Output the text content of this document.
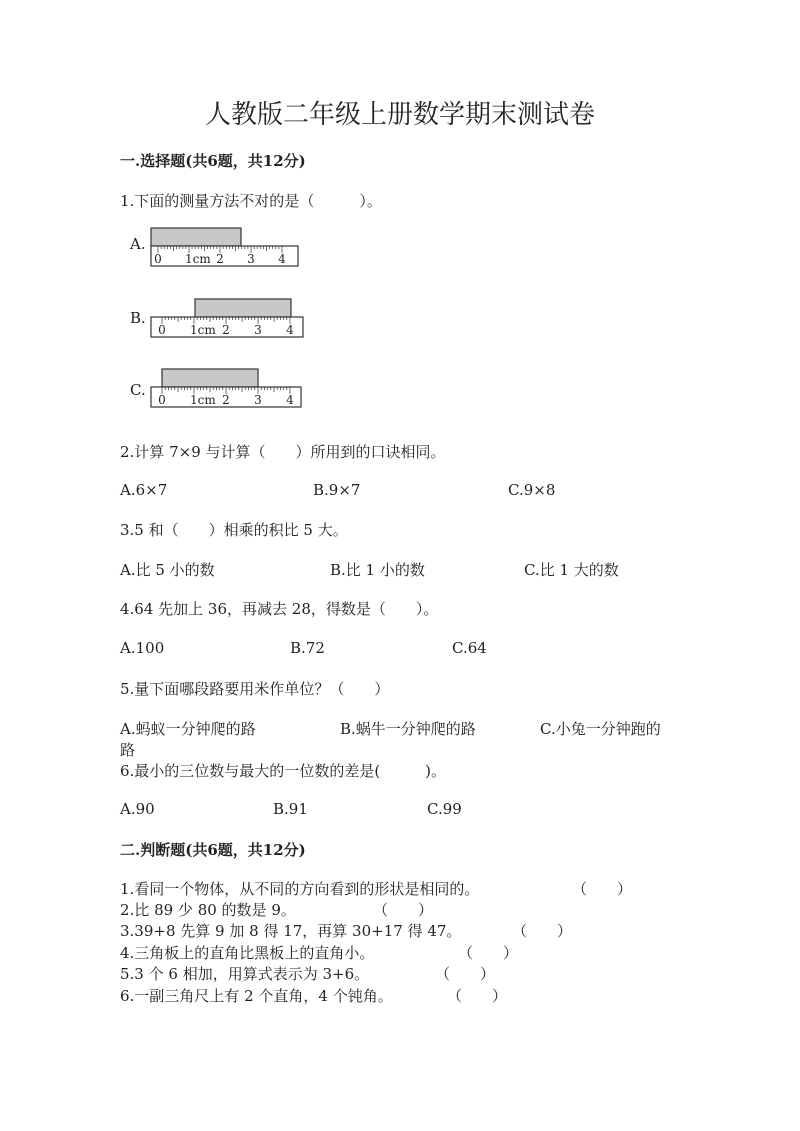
人教版二年级上册数学期末测试卷
一.选择题(共6题，共12分)
1.下面的测量方法不对的是（　　　）。
A.
0 1cm 2 3 4
B.
0 1cm 2 3 4
C.
0 1cm 2 3 4
2.计算 7×9 与计算（　　）所用到的口诀相同。
A.6×7	B.9×7	C.9×8
3.5 和（　　）相乘的积比 5 大。
A.比 5 小的数	B.比 1 小的数	C.比 1 大的数
4.64 先加上 36，再减去 28，得数是（　　）。
A.100	B.72	C.64
5.量下面哪段路要用米作单位？（　　）
A.蚂蚁一分钟爬的路	B.蜗牛一分钟爬的路	C.小兔一分钟跑的
路
6.最小的三位数与最大的一位数的差是(　　　)。
A.90	B.91	C.99
二.判断题(共6题，共12分)
1.看同一个物体，从不同的方向看到的形状是相同的。	（　　）
2.比 89 少 80 的数是 9。	（　　）
3.39+8 先算 9 加 8 得 17，再算 30+17 得 47。	（　　）
4.三角板上的直角比黑板上的直角小。	（　　）
5.3 个 6 相加，用算式表示为 3+6。	（　　）
6.一副三角尺上有 2 个直角，4 个钝角。	（　　）
